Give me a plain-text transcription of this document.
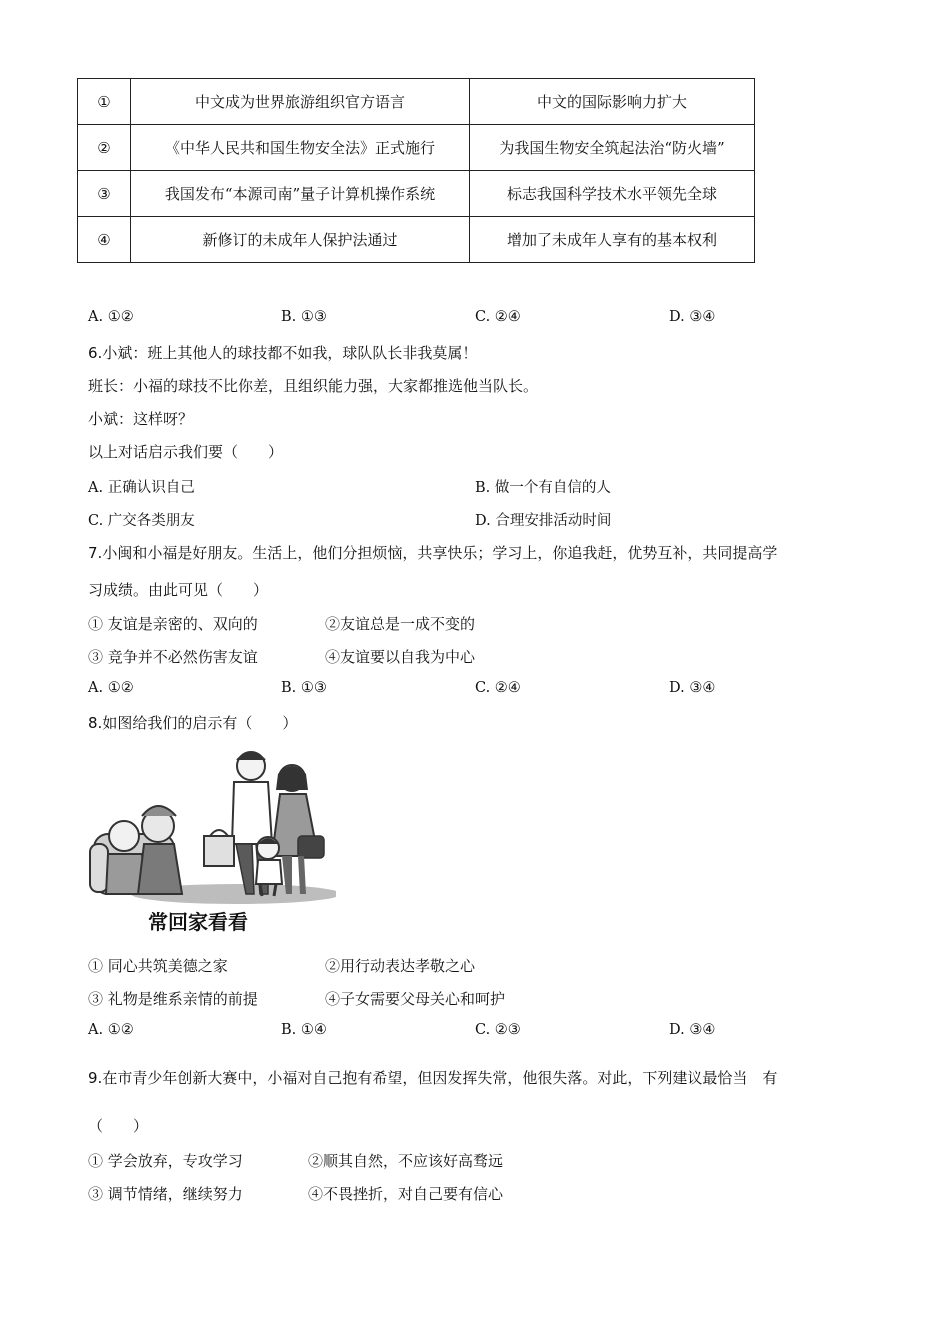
①	中文成为世界旅游组织官方语言	中文的国际影响力扩大
②	《中华人民共和国生物安全法》正式施行	为我国生物安全筑起法治“防火墙”
③	我国发布“本源司南”量子计算机操作系统	标志我国科学技术水平领先全球
④	新修订的未成年人保护法通过	增加了未成年人享有的基本权利
A. ①②	B. ①③	C. ②④	D. ③④
6.小斌：班上其他人的球技都不如我，球队队长非我莫属！
班长：小福的球技不比你差，且组织能力强，大家都推选他当队长。
小斌：这样呀？
以上对话启示我们要（　　）
A. 正确认识自己	B. 做一个有自信的人
C. 广交各类朋友	D. 合理安排活动时间
7.小闽和小福是好朋友。生活上，他们分担烦恼，共享快乐；学习上，你追我赶，优势互补，共同提高学
习成绩。由此可见（　　）
① 友谊是亲密的、双向的	②友谊总是一成不变的
③ 竞争并不必然伤害友谊	④友谊要以自我为中心
A. ①②	B. ①③	C. ②④	D. ③④
8.如图给我们的启示有（　　）
常回家看看
① 同心共筑美德之家	②用行动表达孝敬之心
③ 礼物是维系亲情的前提	④子女需要父母关心和呵护
A. ①②	B. ①④	C. ②③	D. ③④
9.在市青少年创新大赛中，小福对自己抱有希望，但因发挥失常，他很失落。对此，下列建议最恰当　有
（　　）
① 学会放弃，专攻学习	②顺其自然，不应该好高骛远
③ 调节情绪，继续努力	④不畏挫折，对自己要有信心
